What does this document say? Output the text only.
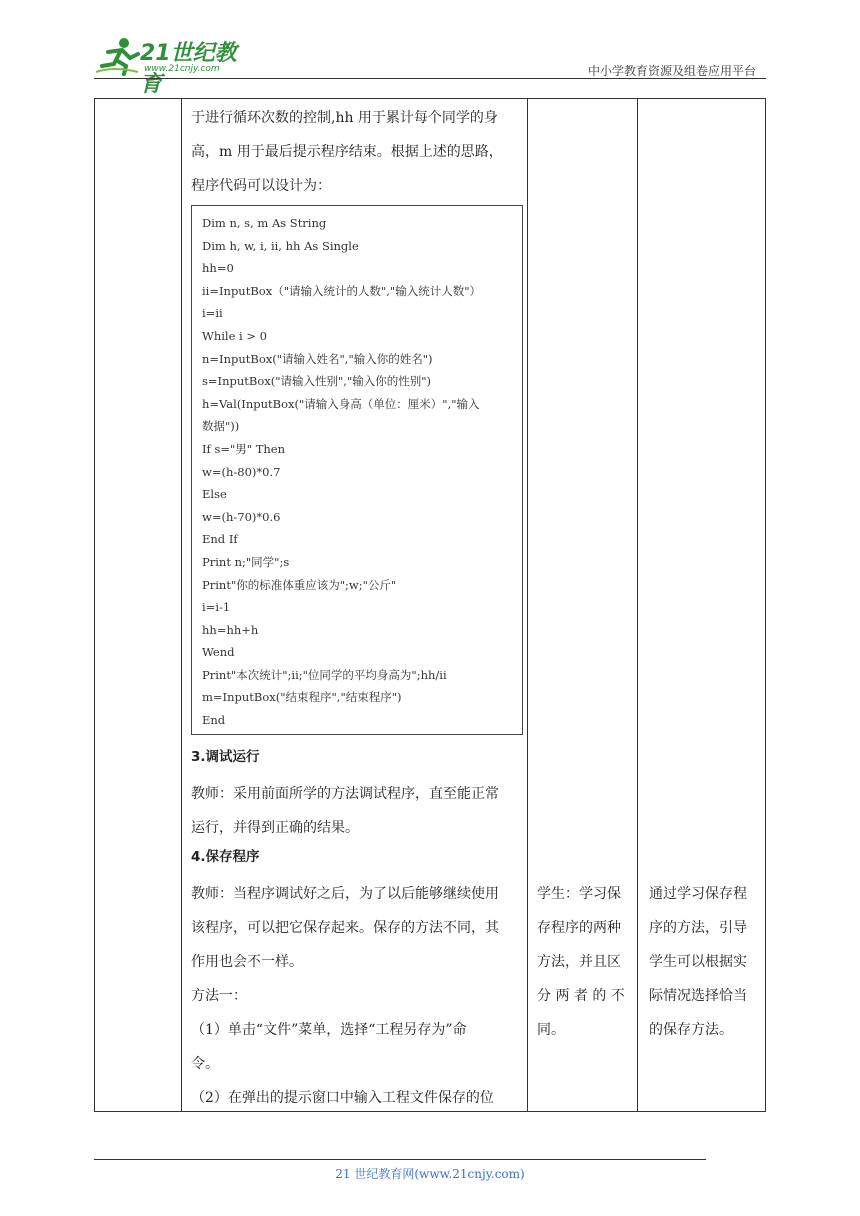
21世纪教育
www.21cnjy.com	中小学教育资源及组卷应用平台

于进行循环次数的控制,hh 用于累计每个同学的身

高，m 用于最后提示程序结束。根据上述的思路，

程序代码可以设计为：

Dim n, s, m As String
Dim h, w, i, ii, hh As Single
hh=0
ii=InputBox（"请输入统计的人数","输入统计人数"）
i=ii
While i > 0
n=InputBox("请输入姓名","输入你的姓名")
s=InputBox("请输入性别","输入你的性别")
h=Val(InputBox("请输入身高（单位：厘米）","输入
数据"))
If s="男" Then
w=(h-80)*0.7
Else
w=(h-70)*0.6
End If
Print n;"同学";s
Print"你的标准体重应该为";w;"公斤"
i=i-1
hh=hh+h
Wend
Print"本次统计";ii;"位同学的平均身高为";hh/ii
m=InputBox("结束程序","结束程序")
End
3.调试运行

教师：采用前面所学的方法调试程序，直至能正常

运行，并得到正确的结果。

4.保存程序

教师：当程序调试好之后，为了以后能够继续使用

该程序，可以把它保存起来。保存的方法不同，其

作用也会不一样。

方法一：

（1）单击“文件”菜单，选择“工程另存为”命

令。

（2）在弹出的提示窗口中输入工程文件保存的位

学生：学习保

存程序的两种

方法，并且区

分 两 者 的 不

同。

通过学习保存程

序的方法，引导

学生可以根据实

际情况选择恰当

的保存方法。

21 世纪教育网(www.21cnjy.com)
